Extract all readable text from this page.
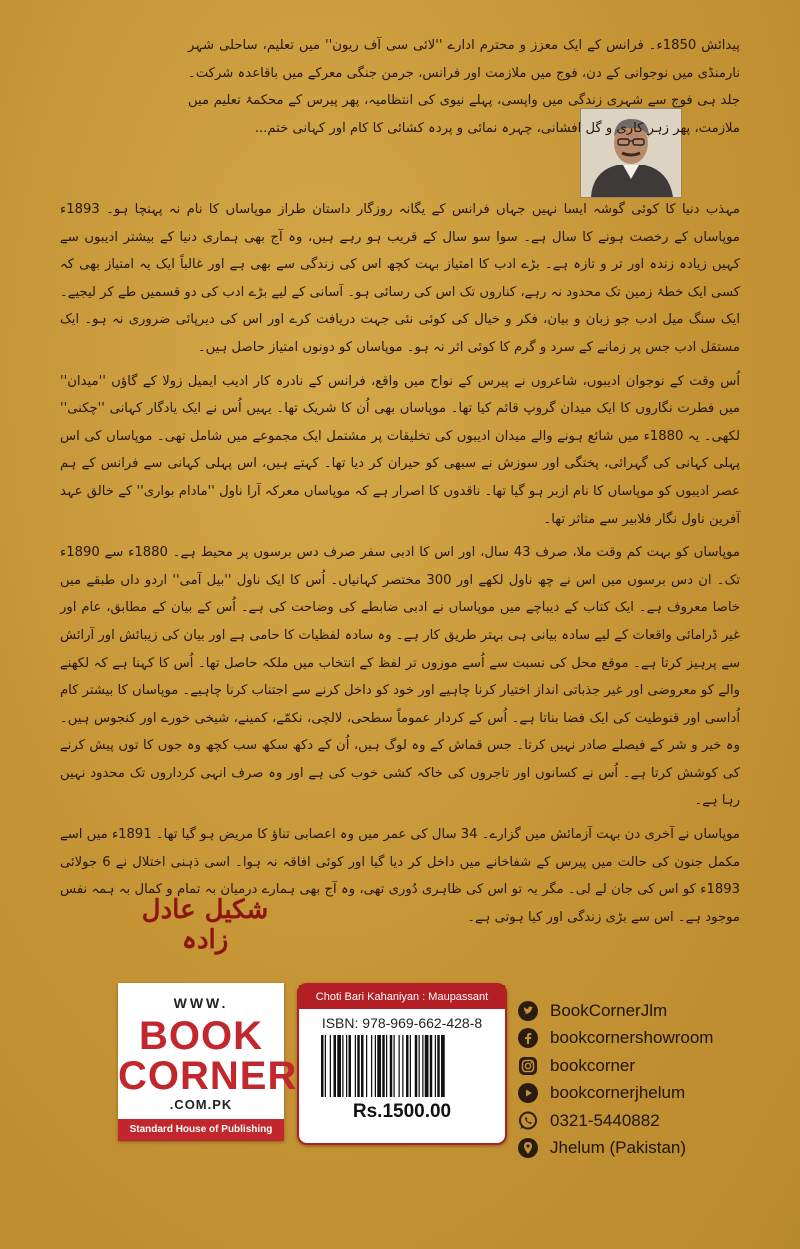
پیدائش 1850ء۔ فرانس کے ایک معزز و محترم ادارے ''لائی سی آف ریون'' میں تعلیم، ساحلی شہر نارمنڈی میں نوجوانی کے دن، فوج میں ملازمت اور فرانس، جرمن جنگی معرکے میں باقاعدہ شرکت۔ جلد ہی فوج سے شہری زندگی میں واپسی، پہلے نیوی کی انتظامیہ، پھر پیرس کے محکمۂ تعلیم میں ملازمت، پھر زہر کاری و گل افشانی، چہرہ نمائی و پردہ کشائی کا کام اور کہانی ختم...

مہذب دنیا کا کوئی گوشہ ایسا نہیں جہاں فرانس کے یگانہ روزگار داستان طراز موپاساں کا نام نہ پہنچا ہو۔ 1893ء موپاساں کے رخصت ہونے کا سال ہے۔ سوا سو سال کے قریب ہو رہے ہیں، وہ آج بھی ہماری دنیا کے بیشتر ادیبوں سے کہیں زیادہ زندہ اور تر و تازہ ہے۔ بڑے ادب کا امتیاز بہت کچھ اس کی زندگی سے بھی ہے اور غالباً ایک یہ امتیاز بھی کہ کسی ایک خطۂ زمین تک محدود نہ رہے، کناروں تک اس کی رسائی ہو۔ آسانی کے لیے بڑے ادب کی دو قسمیں طے کر لیجیے۔ ایک سنگ میل ادب جو زبان و بیان، فکر و خیال کی کوئی نئی جہت دریافت کرے اور اس کی دیرپائی ضروری نہ ہو۔ ایک مستقل ادب جس پر زمانے کے سرد و گرم کا کوئی اثر نہ ہو۔ موپاساں کو دونوں امتیاز حاصل ہیں۔

اُس وقت کے نوجوان ادیبوں، شاعروں نے پیرس کے نواح میں واقع، فرانس کے نادرہ کار ادیب ایمیل زولا کے گاؤں ''میدان'' میں فطرت نگاروں کا ایک میدان گروپ قائم کیا تھا۔ موپاساں بھی اُن کا شریک تھا۔ یہیں اُس نے ایک یادگار کہانی ''چکنی'' لکھی۔ یہ 1880ء میں شائع ہونے والے میدان ادیبوں کی تخلیقات پر مشتمل ایک مجموعے میں شامل تھی۔ موپاساں کی اس پہلی کہانی کی گہرائی، پختگی اور سوزش نے سبھی کو حیران کر دیا تھا۔ کہتے ہیں، اس پہلی کہانی سے فرانس کے ہم عصر ادیبوں کو موپاساں کا نام ازبر ہو گیا تھا۔ ناقدوں کا اصرار ہے کہ موپاساں معرکہ آرا ناول ''مادام بواری'' کے خالق عہد آفرین ناول نگار فلابیر سے متاثر تھا۔

موپاساں کو بہت کم وقت ملا، صرف 43 سال، اور اس کا ادبی سفر صرف دس برسوں پر محیط ہے۔ 1880ء سے 1890ء تک۔ ان دس برسوں میں اس نے چھ ناول لکھے اور 300 مختصر کہانیاں۔ اُس کا ایک ناول ''بیل آمی'' اردو داں طبقے میں خاصا معروف ہے۔ ایک کتاب کے دیباچے میں موپاساں نے ادبی ضابطے کی وضاحت کی ہے۔ اُس کے بیان کے مطابق، عام اور غیر ڈرامائی واقعات کے لیے سادہ بیانی ہی بہتر طریق کار ہے۔ وہ سادہ لفظیات کا حامی ہے اور بیان کی زیبائش اور آرائش سے پرہیز کرتا ہے۔ موقع محل کی نسبت سے اُسے موزوں تر لفظ کے انتخاب میں ملکہ حاصل تھا۔ اُس کا کہنا ہے کہ لکھنے والے کو معروضی اور غیر جذباتی انداز اختیار کرنا چاہیے اور خود کو داخل کرنے سے اجتناب کرنا چاہیے۔ موپاساں کا بیشتر کام اُداسی اور قنوطیت کی ایک فضا بناتا ہے۔ اُس کے کردار عموماً سطحی، لالچی، نکمّے، کمینے، شیخی خورے اور کنجوس ہیں۔ وہ خیر و شر کے فیصلے صادر نہیں کرتا۔ جس قماش کے وہ لوگ ہیں، اُن کے دکھ سکھ سب کچھ وہ جوں کا توں پیش کرنے کی کوشش کرتا ہے۔ اُس نے کسانوں اور تاجروں کی خاکہ کشی خوب کی ہے اور وہ صرف انہی کرداروں تک محدود نہیں رہا ہے۔

موپاساں نے آخری دن بہت آزمائش میں گزارے۔ 34 سال کی عمر میں وہ اعصابی تناؤ کا مریض ہو گیا تھا۔ 1891ء میں اسے مکمل جنون کی حالت میں پیرس کے شفاخانے میں داخل کر دیا گیا اور کوئی افاقہ نہ ہوا۔ اسی ذہنی اختلال نے 6 جولائی 1893ء کو اس کی جان لے لی۔ مگر یہ تو اس کی ظاہری دُوری تھی، وہ آج بھی ہمارے درمیان بہ تمام و کمال بہ ہمہ نفس موجود ہے۔ اس سے بڑی زندگی اور کیا ہوتی ہے۔

شکیل عادل زادہ
WWW.
BOOK
CORNER
.COM.PK
Standard House of Publishing
Choti Bari Kahaniyan : Maupassant
ISBN: 978-969-662-428-8
Rs.1500.00
BookCornerJlm
bookcornershowroom
bookcorner
bookcornerjhelum
0321-5440882
Jhelum (Pakistan)
